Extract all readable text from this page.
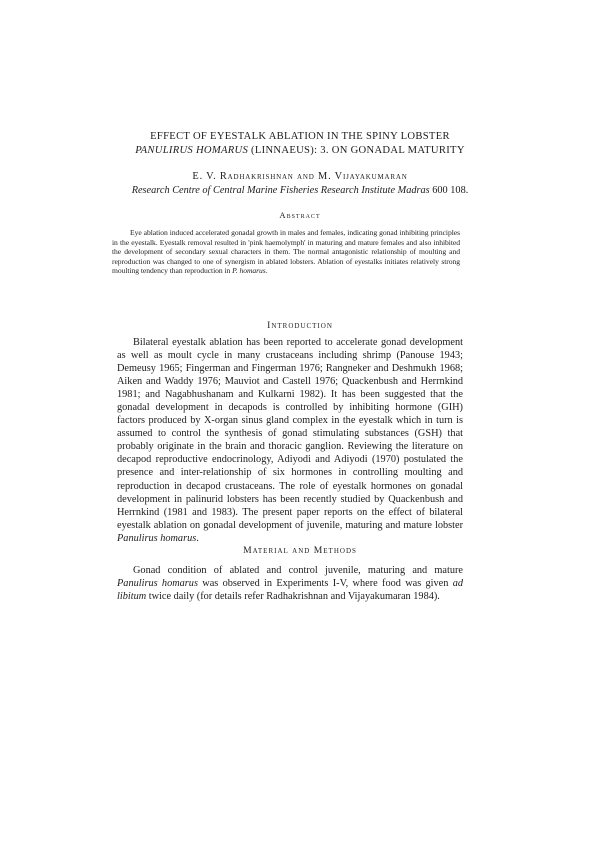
EFFECT OF EYESTALK ABLATION IN THE SPINY LOBSTER
PANULIRUS HOMARUS (LINNAEUS): 3. ON GONADAL MATURITY
E. V. Radhakrishnan and M. Vijayakumaran
Research Centre of Central Marine Fisheries Research Institute Madras 600 108.
Abstract
Eye ablation induced accelerated gonadal growth in males and females, indicating gonad inhibiting principles in the eyestalk. Eyestalk removal resulted in 'pink haemolymph' in maturing and mature females and also inhibited the development of secondary sexual characters in them. The normal antagonistic relationship of moulting and reproduction was changed to one of synergism in ablated lobsters. Ablation of eyestalks initiates relatively strong moulting tendency than reproduction in P. homarus.
Introduction
Bilateral eyestalk ablation has been reported to accelerate gonad development as well as moult cycle in many crustaceans including shrimp (Panouse 1943; Demeusy 1965; Fingerman and Fingerman 1976; Rangneker and Deshmukh 1968; Aiken and Waddy 1976; Mauviot and Castell 1976; Quackenbush and Herrnkind 1981; and Nagabhushanam and Kulkarni 1982). It has been suggested that the gonadal development in decapods is controlled by inhibiting hormone (GIH) factors produced by X-organ sinus gland complex in the eyestalk which in turn is assumed to control the synthesis of gonad stimulating substances (GSH) that probably originate in the brain and thoracic ganglion. Reviewing the literature on decapod reproductive endocrinology, Adiyodi and Adiyodi (1970) postulated the presence and inter-relationship of six hormones in controlling moulting and reproduction in decapod crustaceans. The role of eyestalk hormones on gonadal development in palinurid lobsters has been recently studied by Quackenbush and Herrnkind (1981 and 1983). The present paper reports on the effect of bilateral eyestalk ablation on gonadal development of juvenile, maturing and mature lobster Panulirus homarus.
Material and Methods
Gonad condition of ablated and control juvenile, maturing and mature Panulirus homarus was observed in Experiments I-V, where food was given ad libitum twice daily (for details refer Radhakrishnan and Vijayakumaran 1984).
